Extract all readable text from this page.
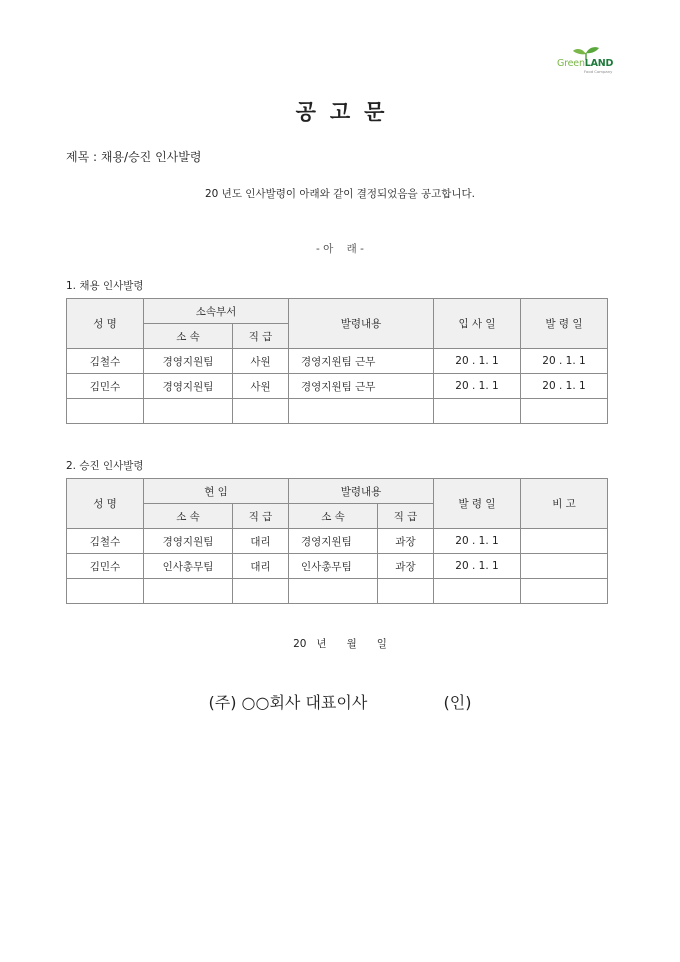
GreenLAND
Food Company
공고문
제목 : 채용/승진 인사발령
20 년도 인사발령이 아래와 같이 결정되었음을 공고합니다.
- 아    래 -
1. 채용 인사발령
성 명	소속부서		발령내용	입 사 일	발 령 일
	소 속	직 급			
김철수	경영지원팀	사원	경영지원팀 근무	20 . 1. 1	20 . 1. 1
김민수	경영지원팀	사원	경영지원팀 근무	20 . 1. 1	20 . 1. 1

2. 승진 인사발령
성 명	현 임		발령내용		발 령 일	비 고
	소 속	직 급	소 속	직 급		
김철수	경영지원팀	대리	경영지원팀	과장	20 . 1. 1	
김민수	인사총무팀	대리	인사총무팀	과장	20 . 1. 1	

20   년      월      일
(주) ○○회사 대표이사               (인)
